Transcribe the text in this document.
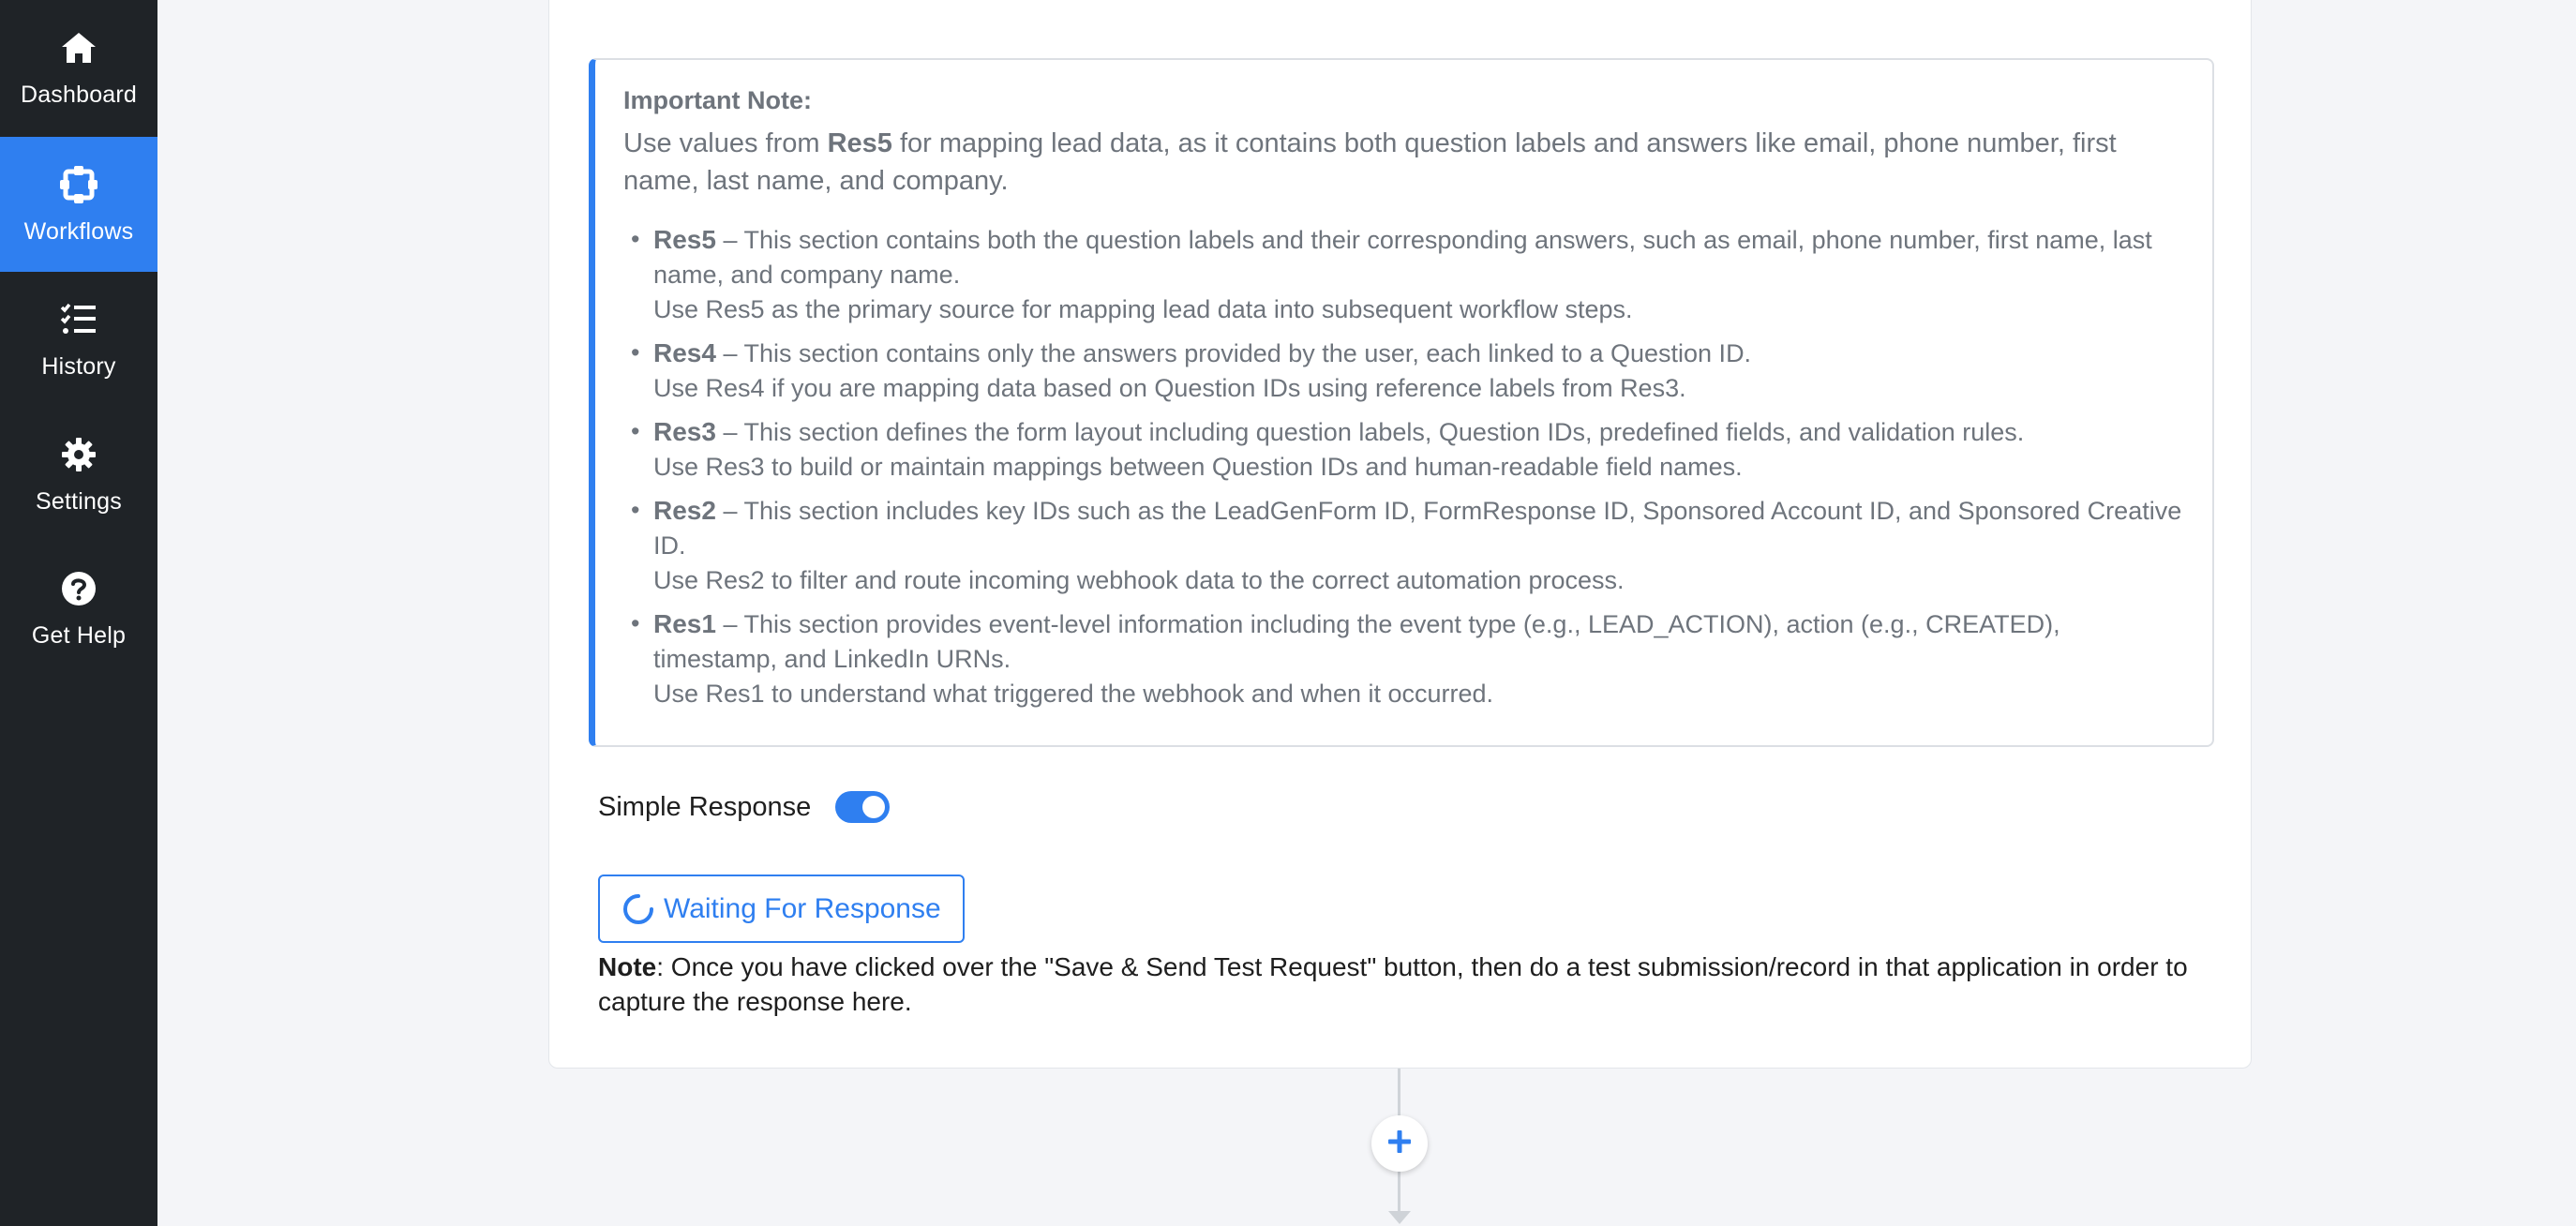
Dashboard
Workflows
History
Settings
Get Help
Important Note:
Use values from Res5 for mapping lead data, as it contains both question labels and answers like email, phone number, first name, last name, and company.
• Res5 – This section contains both the question labels and their corresponding answers, such as email, phone number, first name, last name, and company name.
Use Res5 as the primary source for mapping lead data into subsequent workflow steps.
• Res4 – This section contains only the answers provided by the user, each linked to a Question ID.
Use Res4 if you are mapping data based on Question IDs using reference labels from Res3.
• Res3 – This section defines the form layout including question labels, Question IDs, predefined fields, and validation rules.
Use Res3 to build or maintain mappings between Question IDs and human-readable field names.
• Res2 – This section includes key IDs such as the LeadGenForm ID, FormResponse ID, Sponsored Account ID, and Sponsored Creative ID.
Use Res2 to filter and route incoming webhook data to the correct automation process.
• Res1 – This section provides event-level information including the event type (e.g., LEAD_ACTION), action (e.g., CREATED), timestamp, and LinkedIn URNs.
Use Res1 to understand what triggered the webhook and when it occurred.
Simple Response
Waiting For Response
Note: Once you have clicked over the "Save & Send Test Request" button, then do a test submission/record in that application in order to capture the response here.
